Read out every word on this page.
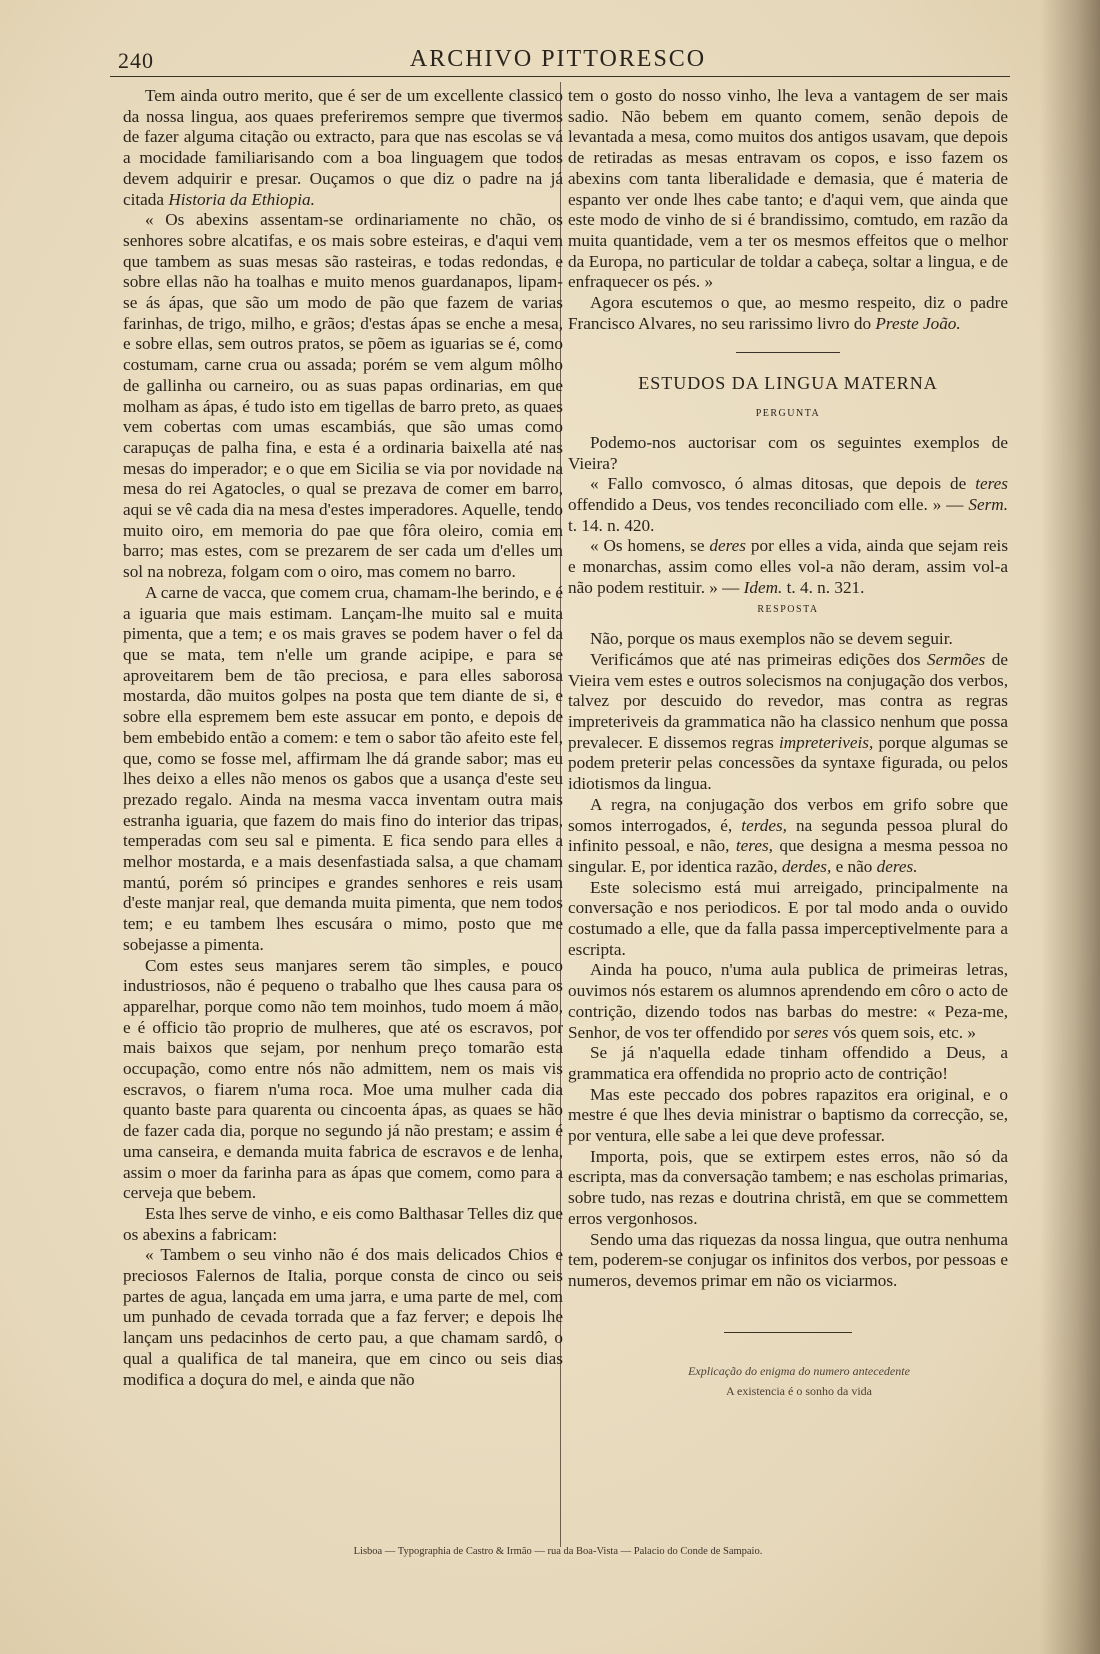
240	ARCHIVO PITTORESCO

Tem ainda outro merito, que é ser de um excellente classico da nossa lingua, aos quaes preferiremos sempre que tivermos de fazer alguma citação ou extracto, para que nas escolas se vá a mocidade familiarisando com a boa linguagem que todos devem adquirir e presar. Ouçamos o que diz o padre na já citada Historia da Ethiopia.

« Os abexins assentam-se ordinariamente no chão, os senhores sobre alcatifas, e os mais sobre esteiras, e d'aqui vem que tambem as suas mesas são rasteiras, e todas redondas, e sobre ellas não ha toalhas e muito menos guardanapos, lipam-se ás ápas, que são um modo de pão que fazem de varias farinhas, de trigo, milho, e grãos; d'estas ápas se enche a mesa, e sobre ellas, sem outros pratos, se põem as iguarias se é, como costumam, carne crua ou assada; porém se vem algum môlho de gallinha ou carneiro, ou as suas papas ordinarias, em que molham as ápas, é tudo isto em tigellas de barro preto, as quaes vem cobertas com umas escambiás, que são umas como carapuças de palha fina, e esta é a ordinaria baixella até nas mesas do imperador; e o que em Sicilia se via por novidade na mesa do rei Agatocles, o qual se prezava de comer em barro, aqui se vê cada dia na mesa d'estes imperadores. Aquelle, tendo muito oiro, em memoria do pae que fôra oleiro, comia em barro; mas estes, com se prezarem de ser cada um d'elles um sol na nobreza, folgam com o oiro, mas comem no barro.

A carne de vacca, que comem crua, chamam-lhe berindo, e é a iguaria que mais estimam. Lançam-lhe muito sal e muita pimenta, que a tem; e os mais graves se podem haver o fel da que se mata, tem n'elle um grande acipipe, e para se aproveitarem bem de tão preciosa, e para elles saborosa mostarda, dão muitos golpes na posta que tem diante de si, e sobre ella espremem bem este assucar em ponto, e depois de bem embebido então a comem: e tem o sabor tão afeito este fel, que, como se fosse mel, affirmam lhe dá grande sabor; mas eu lhes deixo a elles não menos os gabos que a usança d'este seu prezado regalo. Ainda na mesma vacca inventam outra mais estranha iguaria, que fazem do mais fino do interior das tripas, temperadas com seu sal e pimenta. E fica sendo para elles a melhor mostarda, e a mais desenfastiada salsa, a que chamam mantú, porém só principes e grandes senhores e reis usam d'este manjar real, que demanda muita pimenta, que nem todos tem; e eu tambem lhes escusára o mimo, posto que me sobejasse a pimenta.

Com estes seus manjares serem tão simples, e pouco industriosos, não é pequeno o trabalho que lhes causa para os apparelhar, porque como não tem moinhos, tudo moem á mão, e é officio tão proprio de mulheres, que até os escravos, por mais baixos que sejam, por nenhum preço tomarão esta occupação, como entre nós não admittem, nem os mais vis escravos, o fiarem n'uma roca. Moe uma mulher cada dia quanto baste para quarenta ou cincoenta ápas, as quaes se hão de fazer cada dia, porque no segundo já não prestam; e assim é uma canseira, e demanda muita fabrica de escravos e de lenha, assim o moer da farinha para as ápas que comem, como para a cerveja que bebem.

Esta lhes serve de vinho, e eis como Balthasar Telles diz que os abexins a fabricam:

« Tambem o seu vinho não é dos mais delicados Chios e preciosos Falernos de Italia, porque consta de cinco ou seis partes de agua, lançada em uma jarra, e uma parte de mel, com um punhado de cevada torrada que a faz ferver; e depois lhe lançam uns pedacinhos de certo pau, a que chamam sardô, o qual a qualifica de tal maneira, que em cinco ou seis dias modifica a doçura do mel, e ainda que não

tem o gosto do nosso vinho, lhe leva a vantagem de ser mais sadio. Não bebem em quanto comem, senão depois de levantada a mesa, como muitos dos antigos usavam, que depois de retiradas as mesas entravam os copos, e isso fazem os abexins com tanta liberalidade e demasia, que é materia de espanto ver onde lhes cabe tanto; e d'aqui vem, que ainda que este modo de vinho de si é brandissimo, comtudo, em razão da muita quantidade, vem a ter os mesmos effeitos que o melhor da Europa, no particular de toldar a cabeça, soltar a lingua, e de enfraquecer os pés. »

Agora escutemos o que, ao mesmo respeito, diz o padre Francisco Alvares, no seu rarissimo livro do Preste João.

ESTUDOS DA LINGUA MATERNA
PERGUNTA

Podemo-nos auctorisar com os seguintes exemplos de Vieira?

« Fallo comvosco, ó almas ditosas, que depois de teres offendido a Deus, vos tendes reconciliado com elle. » — Serm. t. 14. n. 420.

« Os homens, se deres por elles a vida, ainda que sejam reis e monarchas, assim como elles vol-a não deram, assim vol-a não podem restituir. » — Idem. t. 4. n. 321.

RESPOSTA

Não, porque os maus exemplos não se devem seguir.

Verificámos que até nas primeiras edições dos Sermões de Vieira vem estes e outros solecismos na conjugação dos verbos, talvez por descuido do revedor, mas contra as regras impreteriveis da grammatica não ha classico nenhum que possa prevalecer. E dissemos regras impreteriveis, porque algumas se podem preterir pelas concessões da syntaxe figurada, ou pelos idiotismos da lingua.

A regra, na conjugação dos verbos em grifo sobre que somos interrogados, é, terdes, na segunda pessoa plural do infinito pessoal, e não, teres, que designa a mesma pessoa no singular. E, por identica razão, derdes, e não deres.

Este solecismo está mui arreigado, principalmente na conversação e nos periodicos. E por tal modo anda o ouvido costumado a elle, que da falla passa imperceptivelmente para a escripta.

Ainda ha pouco, n'uma aula publica de primeiras letras, ouvimos nós estarem os alumnos aprendendo em côro o acto de contrição, dizendo todos nas barbas do mestre: « Peza-me, Senhor, de vos ter offendido por seres vós quem sois, etc. »

Se já n'aquella edade tinham offendido a Deus, a grammatica era offendida no proprio acto de contrição!

Mas este peccado dos pobres rapazitos era original, e o mestre é que lhes devia ministrar o baptismo da correcção, se, por ventura, elle sabe a lei que deve professar.

Importa, pois, que se extirpem estes erros, não só da escripta, mas da conversação tambem; e nas escholas primarias, sobre tudo, nas rezas e doutrina christã, em que se commettem erros vergonhosos.

Sendo uma das riquezas da nossa lingua, que outra nenhuma tem, poderem-se conjugar os infinitos dos verbos, por pessoas e numeros, devemos primar em não os viciarmos.

Explicação do enigma do numero antecedente

A existencia é o sonho da vida

Lisboa — Typographia de Castro & Irmão — rua da Boa-Vista — Palacio do Conde de Sampaio.
